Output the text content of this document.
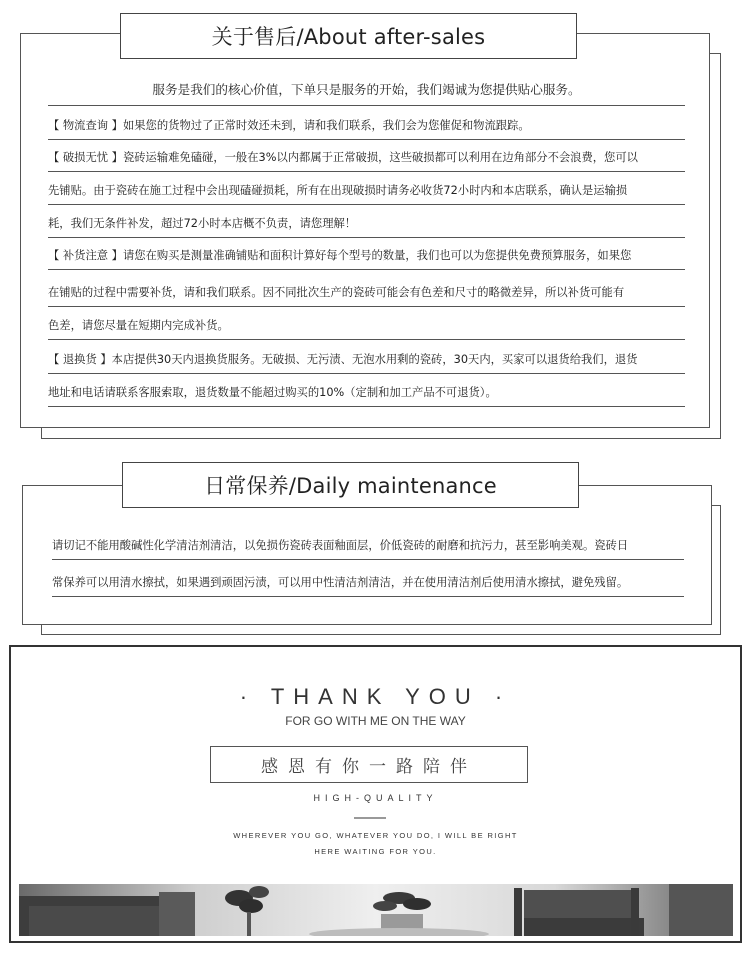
关于售后/About after-sales
服务是我们的核心价值，下单只是服务的开始，我们竭诚为您提供贴心服务。
【 物流查询 】如果您的货物过了正常时效还未到，请和我们联系，我们会为您催促和物流跟踪。
【 破损无忧 】瓷砖运输难免磕碰，一般在3%以内都属于正常破损，这些破损都可以利用在边角部分不会浪费，您可以
先铺贴。由于瓷砖在施工过程中会出现磕碰损耗，所有在出现破损时请务必收货72小时内和本店联系，确认是运输损
耗，我们无条件补发，超过72小时本店概不负责，请您理解！
【 补货注意 】请您在购买是测量准确铺贴和面积计算好每个型号的数量，我们也可以为您提供免费预算服务，如果您
在铺贴的过程中需要补货，请和我们联系。因不同批次生产的瓷砖可能会有色差和尺寸的略微差异，所以补货可能有
色差，请您尽量在短期内完成补货。
【 退换货 】本店提供30天内退换货服务。无破损、无污渍、无泡水用剩的瓷砖，30天内，买家可以退货给我们，退货
地址和电话请联系客服索取，退货数量不能超过购买的10%（定制和加工产品不可退货）。
日常保养/Daily maintenance
请切记不能用酸碱性化学清洁剂清洁，以免损伤瓷砖表面釉面层，价低瓷砖的耐磨和抗污力，甚至影响美观。瓷砖日
常保养可以用清水擦拭，如果遇到顽固污渍，可以用中性清洁剂清洁，并在使用清洁剂后使用清水擦拭，避免残留。
· THANK YOU ·
FOR GO WITH ME ON THE WAY
感恩有你一路陪伴
HIGH-QUALITY
WHEREVER YOU GO, WHATEVER YOU DO, I WILL BE RIGHT
HERE WAITING FOR YOU.
